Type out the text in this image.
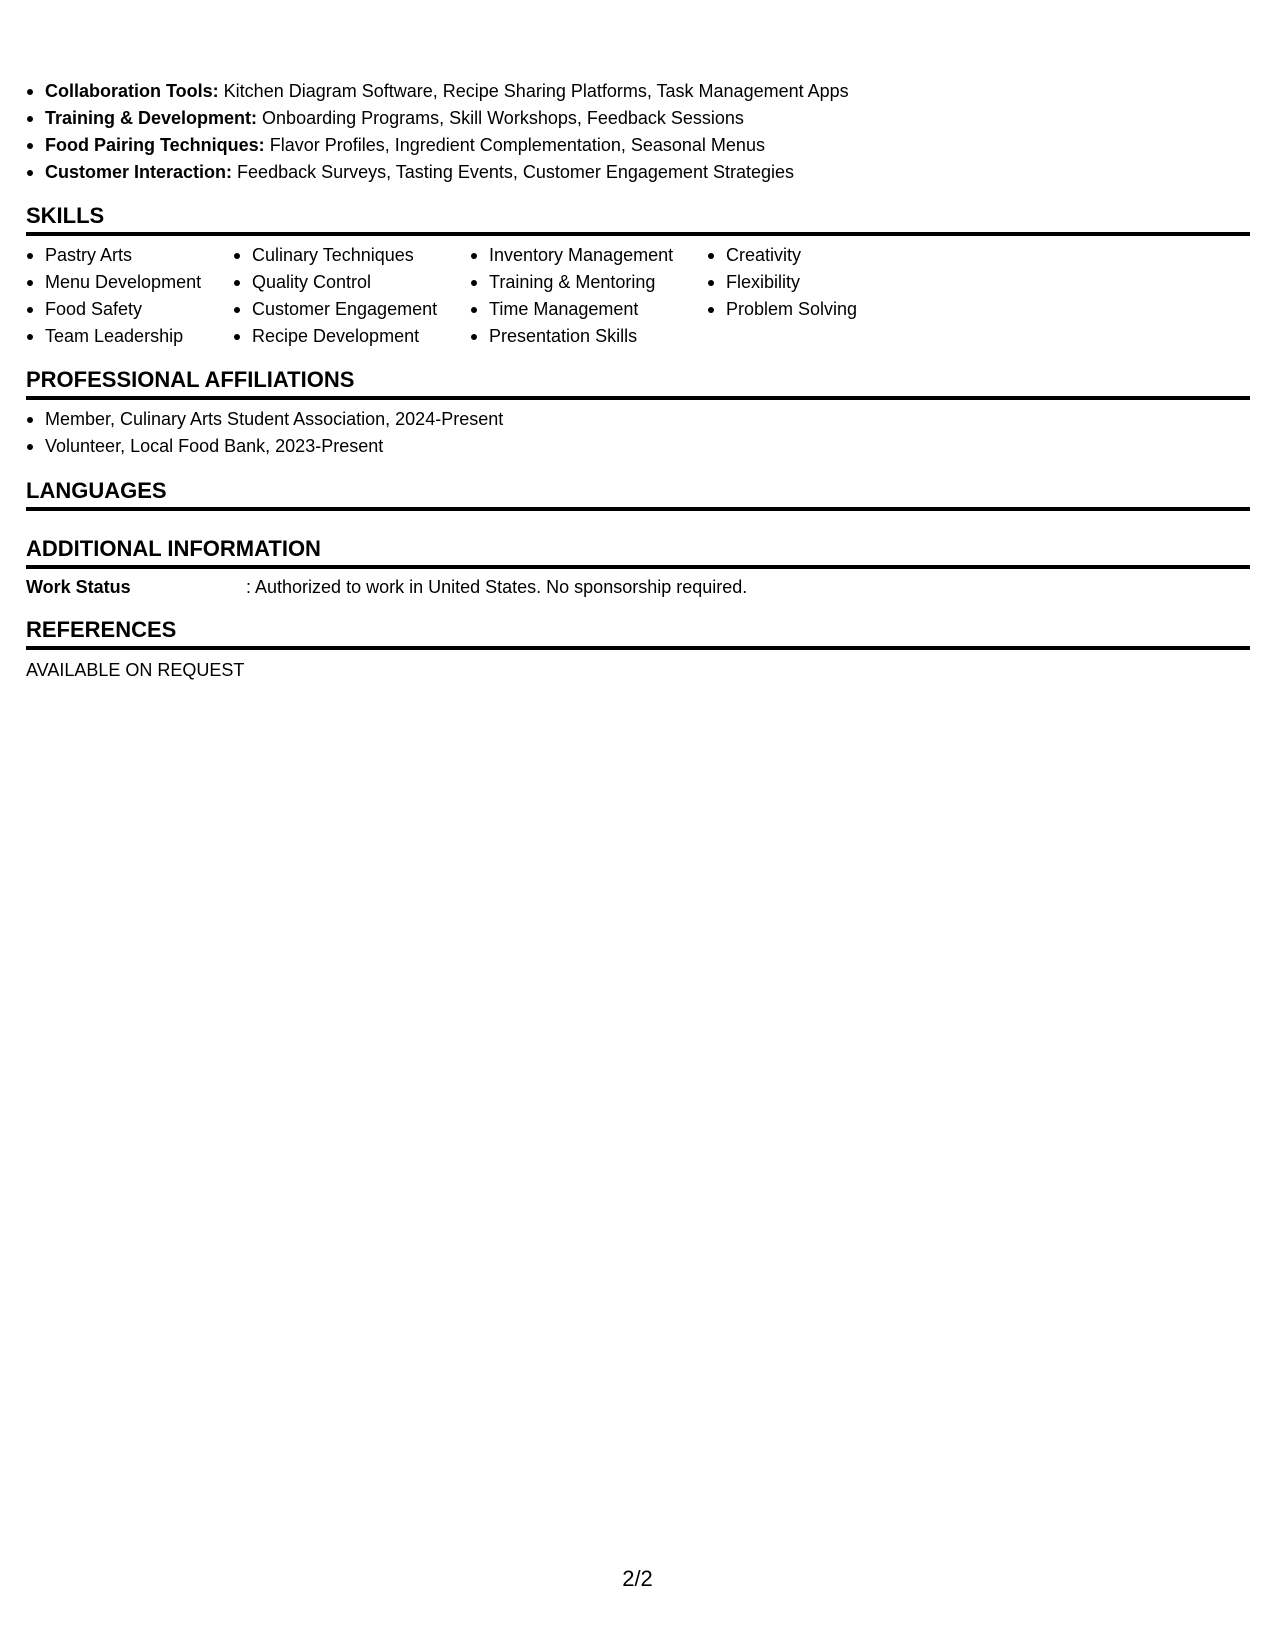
Collaboration Tools: Kitchen Diagram Software, Recipe Sharing Platforms, Task Management Apps
Training & Development: Onboarding Programs, Skill Workshops, Feedback Sessions
Food Pairing Techniques: Flavor Profiles, Ingredient Complementation, Seasonal Menus
Customer Interaction: Feedback Surveys, Tasting Events, Customer Engagement Strategies
SKILLS
Pastry Arts
Menu Development
Food Safety
Team Leadership
Culinary Techniques
Quality Control
Customer Engagement
Recipe Development
Inventory Management
Training & Mentoring
Time Management
Presentation Skills
Creativity
Flexibility
Problem Solving
PROFESSIONAL AFFILIATIONS
Member, Culinary Arts Student Association, 2024-Present
Volunteer, Local Food Bank, 2023-Present
LANGUAGES
ADDITIONAL INFORMATION
Work Status	: Authorized to work in United States. No sponsorship required.
REFERENCES
AVAILABLE ON REQUEST
2/2
